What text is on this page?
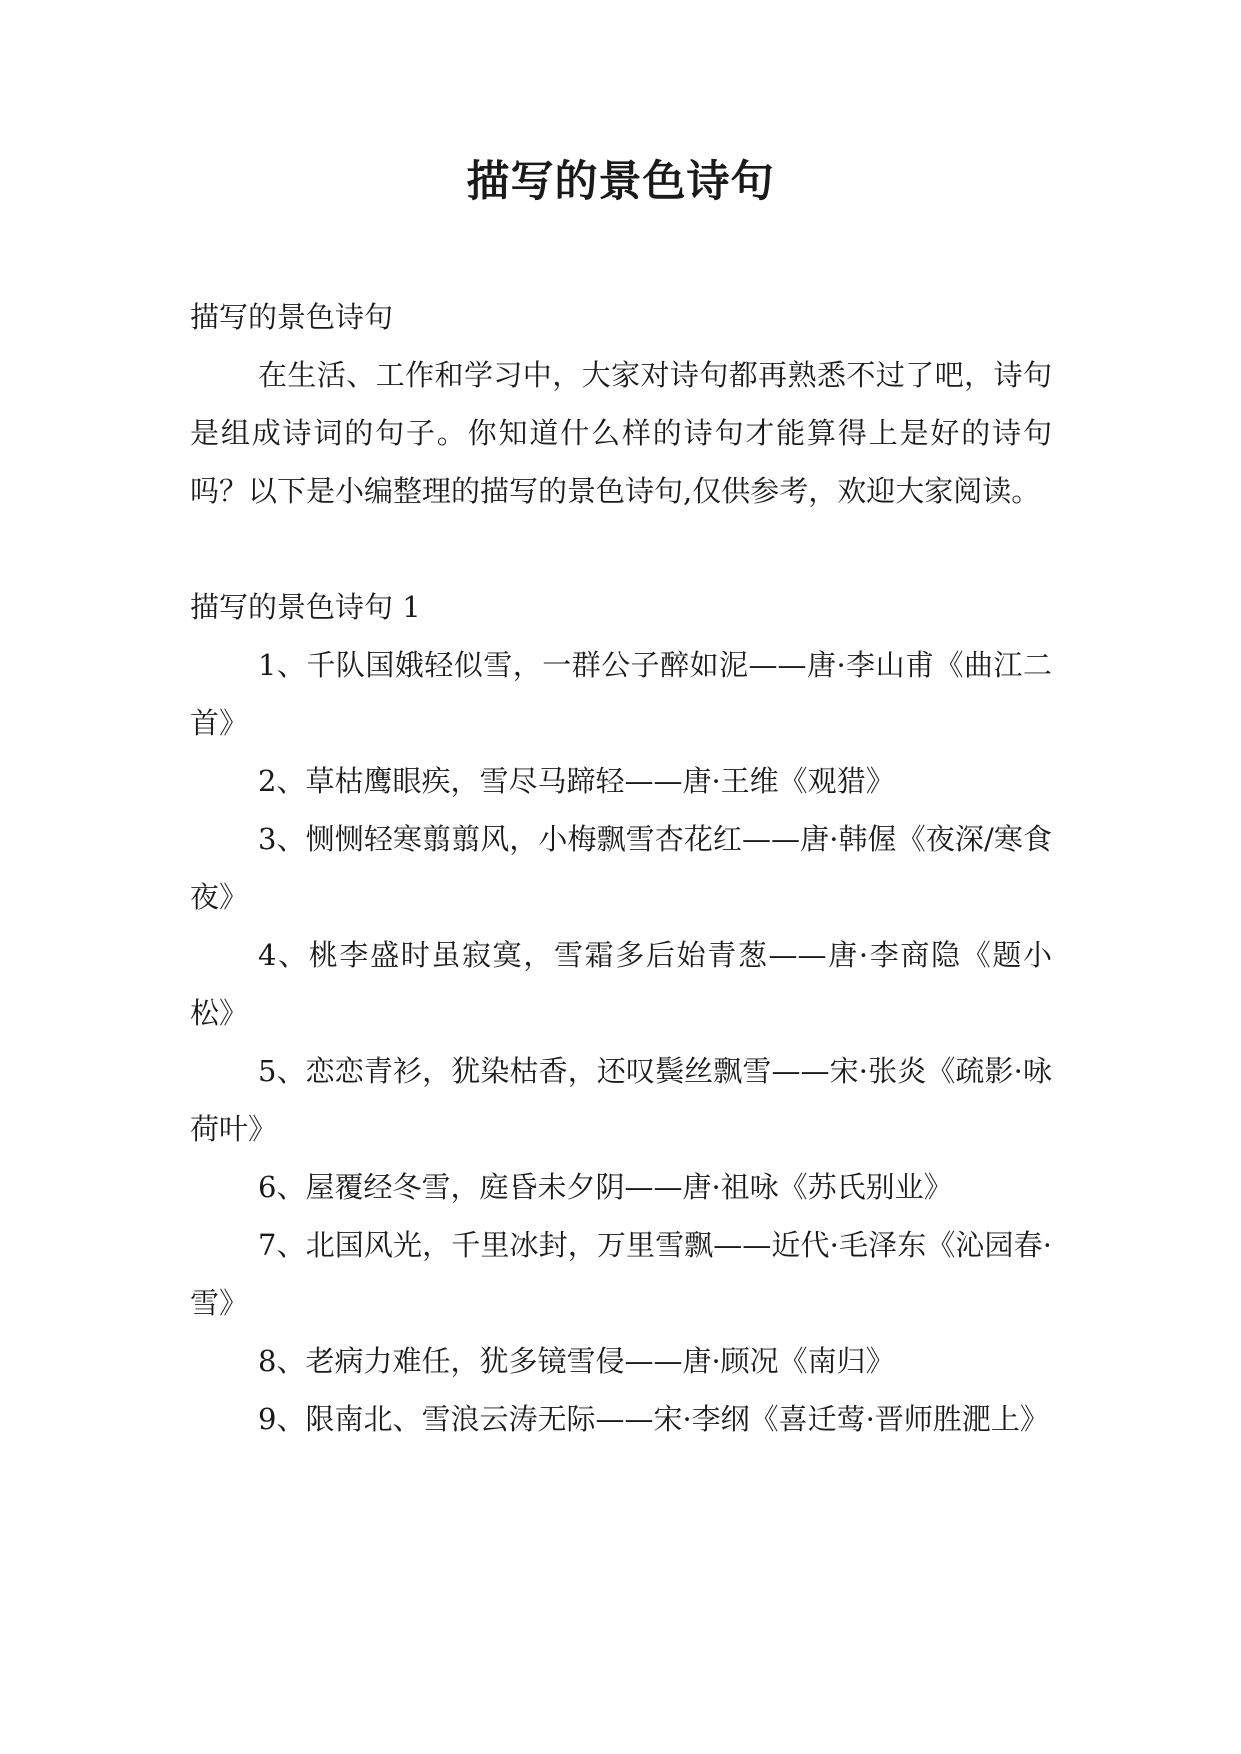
描写的景色诗句

描写的景色诗句

在生活、工作和学习中，大家对诗句都再熟悉不过了吧，诗句是组成诗词的句子。你知道什么样的诗句才能算得上是好的诗句吗？以下是小编整理的描写的景色诗句,仅供参考，欢迎大家阅读。

描写的景色诗句 1

1、千队国娥轻似雪，一群公子醉如泥——唐·李山甫《曲江二首》

2、草枯鹰眼疾，雪尽马蹄轻——唐·王维《观猎》

3、恻恻轻寒翦翦风，小梅飘雪杏花红——唐·韩偓《夜深/寒食夜》

4、桃李盛时虽寂寞，雪霜多后始青葱——唐·李商隐《题小松》

5、恋恋青衫，犹染枯香，还叹鬓丝飘雪——宋·张炎《疏影·咏荷叶》

6、屋覆经冬雪，庭昏未夕阴——唐·祖咏《苏氏别业》

7、北国风光，千里冰封，万里雪飘——近代·毛泽东《沁园春·雪》

8、老病力难任，犹多镜雪侵——唐·顾况《南归》

9、限南北、雪浪云涛无际——宋·李纲《喜迁莺·晋师胜淝上》
